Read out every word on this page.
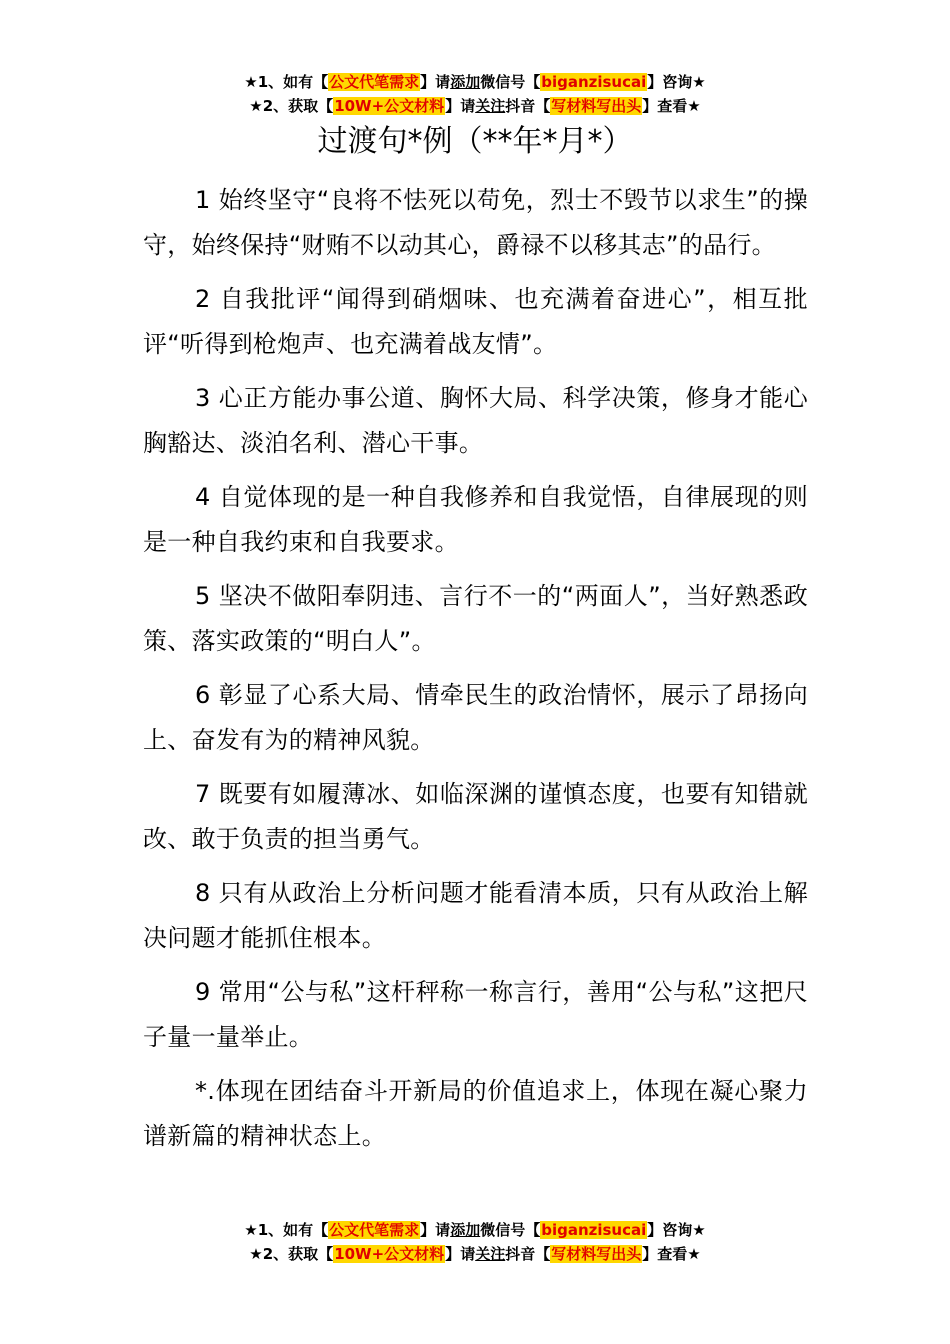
★1、如有【公文代笔需求】请添加微信号【biganzisucai】咨询★
★2、获取【10W+公文材料】请关注抖音【写材料写出头】查看★
过渡句*例（**年*月*）

1 始终坚守“良将不怯死以苟免，烈士不毁节以求生”的操守，始终保持“财贿不以动其心，爵禄不以移其志”的品行。

2 自我批评“闻得到硝烟味、也充满着奋进心”，相互批评“听得到枪炮声、也充满着战友情”。

3 心正方能办事公道、胸怀大局、科学决策，修身才能心胸豁达、淡泊名利、潜心干事。

4 自觉体现的是一种自我修养和自我觉悟，自律展现的则是一种自我约束和自我要求。

5 坚决不做阳奉阴违、言行不一的“两面人”，当好熟悉政策、落实政策的“明白人”。

6 彰显了心系大局、情牵民生的政治情怀，展示了昂扬向上、奋发有为的精神风貌。

7 既要有如履薄冰、如临深渊的谨慎态度，也要有知错就改、敢于负责的担当勇气。

8 只有从政治上分析问题才能看清本质，只有从政治上解决问题才能抓住根本。

9 常用“公与私”这杆秤称一称言行，善用“公与私”这把尺子量一量举止。

*.体现在团结奋斗开新局的价值追求上，体现在凝心聚力谱新篇的精神状态上。

★1、如有【公文代笔需求】请添加微信号【biganzisucai】咨询★
★2、获取【10W+公文材料】请关注抖音【写材料写出头】查看★
